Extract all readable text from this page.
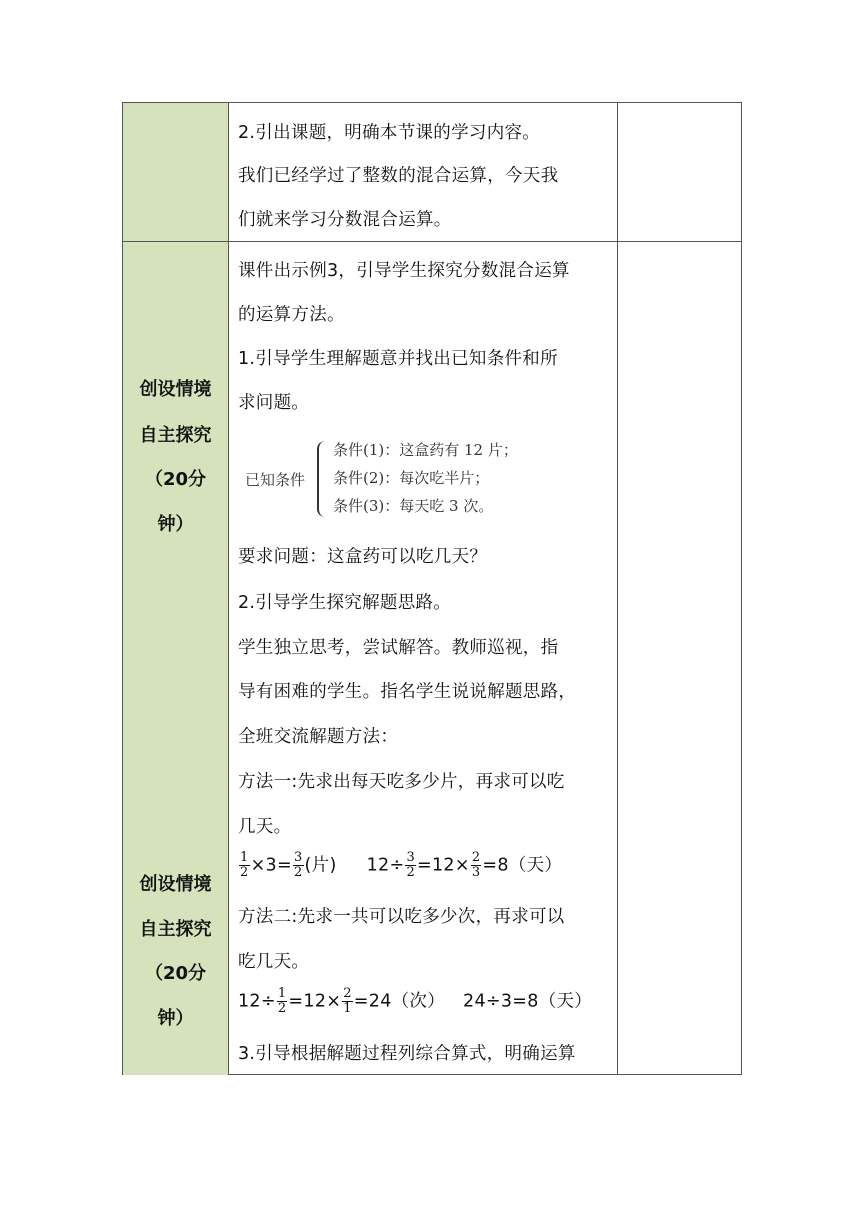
创设情境
自主探究
（20分
钟）
创设情境
自主探究
（20分
钟）
2.引出课题，明确本节课的学习内容。
我们已经学过了整数的混合运算，今天我
们就来学习分数混合运算。
课件出示例3，引导学生探究分数混合运算
的运算方法。
1.引导学生理解题意并找出已知条件和所
求问题。
已知条件
条件(1)：这盒药有 12 片；
条件(2)：每次吃半片；
条件(3)：每天吃 3 次。
要求问题：这盒药可以吃几天？
2.引导学生探究解题思路。
学生独立思考，尝试解答。教师巡视，指
导有困难的学生。指名学生说说解题思路，
全班交流解题方法：
方法一:先求出每天吃多少片，再求可以吃
几天。
$\frac{1}{2} \times 3= \frac{3}{2}$ (片) $12\div \frac{3}{2} =12\times \frac{2}{3} =8$（天）
方法二:先求一共可以吃多少次，再求可以
吃几天。
$12\div \frac{1}{2} =12\times \frac{2}{1} =24$（次） 24÷3=8（天）
3.引导根据解题过程列综合算式，明确运算
